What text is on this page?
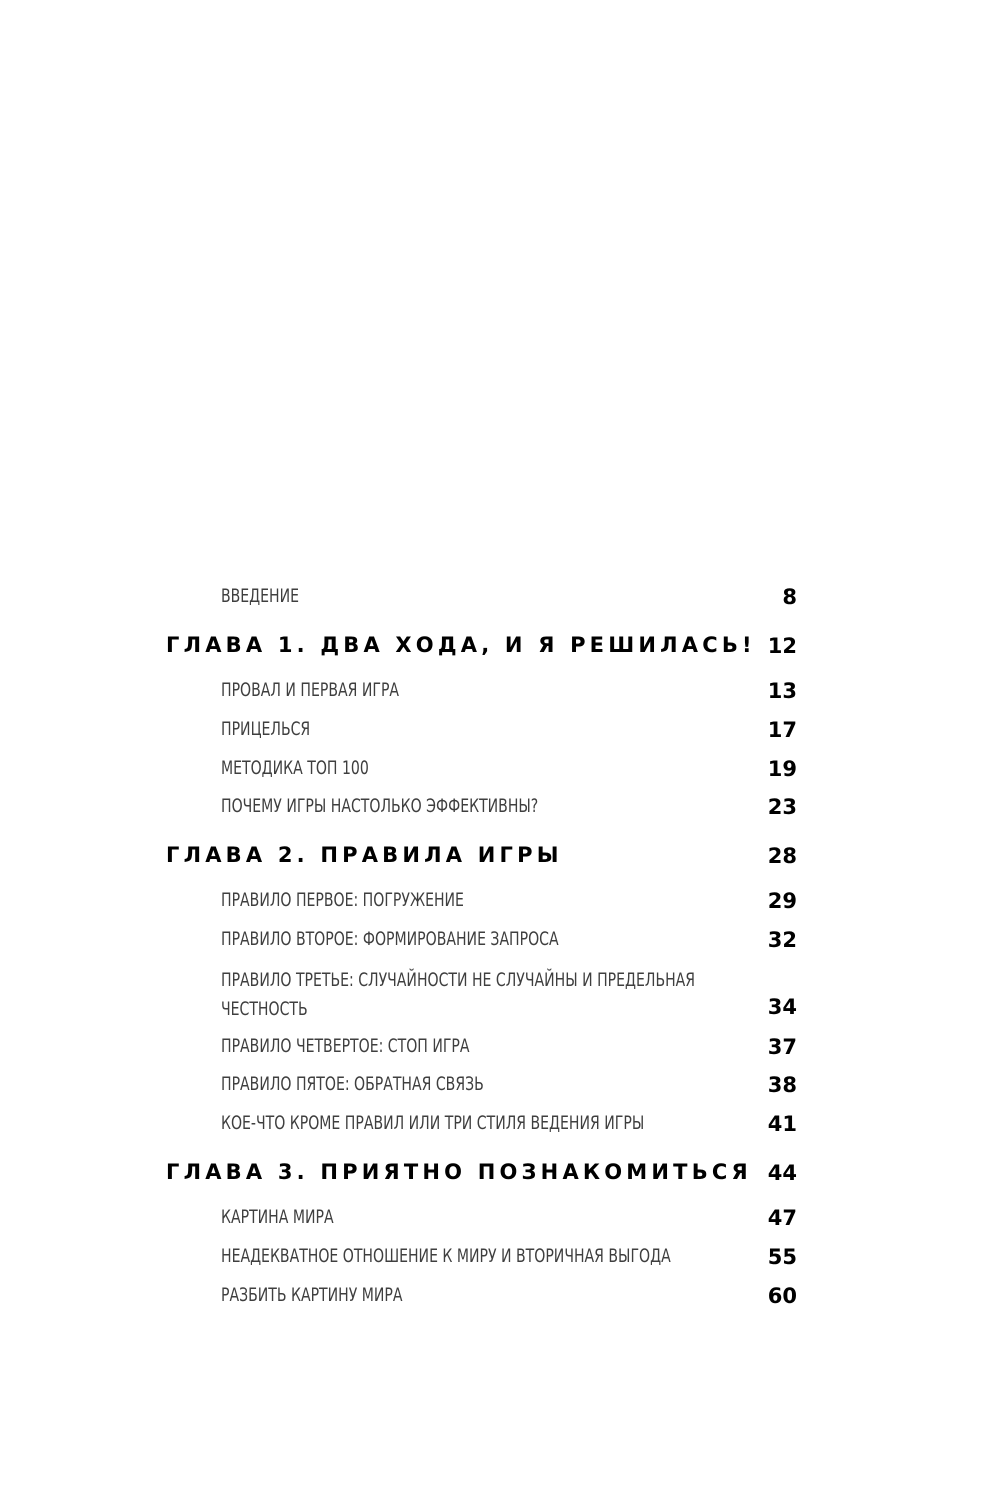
ВВЕДЕНИЕ	8
ГЛАВА 1. ДВА ХОДА, И Я РЕШИЛАСЬ! 12
ПРОВАЛ И ПЕРВАЯ ИГРА	13
ПРИЦЕЛЬСЯ	17
МЕТОДИКА ТОП 100	19
ПОЧЕМУ ИГРЫ НАСТОЛЬКО ЭФФЕКТИВНЫ?	23
ГЛАВА 2. ПРАВИЛА ИГРЫ	28
ПРАВИЛО ПЕРВОЕ: ПОГРУЖЕНИЕ	29
ПРАВИЛО ВТОРОЕ: ФОРМИРОВАНИЕ ЗАПРОСА	32
ПРАВИЛО ТРЕТЬЕ: СЛУЧАЙНОСТИ НЕ СЛУЧАЙНЫ И ПРЕДЕЛЬНАЯ
ЧЕСТНОСТЬ	34
ПРАВИЛО ЧЕТВЕРТОЕ: СТОП ИГРА	37
ПРАВИЛО ПЯТОЕ: ОБРАТНАЯ СВЯЗЬ	38
КОЕ-ЧТО КРОМЕ ПРАВИЛ ИЛИ ТРИ СТИЛЯ ВЕДЕНИЯ ИГРЫ	41
ГЛАВА 3. ПРИЯТНО ПОЗНАКОМИТЬСЯ 44
КАРТИНА МИРА	47
НЕАДЕКВАТНОЕ ОТНОШЕНИЕ К МИРУ И ВТОРИЧНАЯ ВЫГОДА	55
РАЗБИТЬ КАРТИНУ МИРА	60
